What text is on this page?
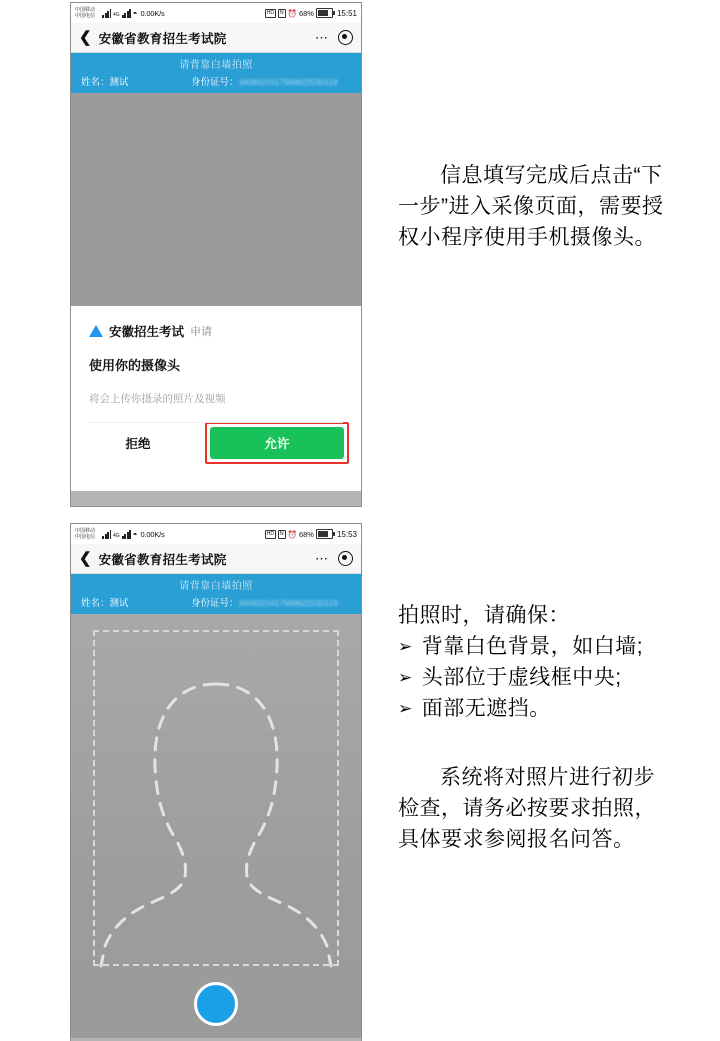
中国移动
中国电信	4G ◓ 0.00K/s	HD	N ⏰ 68%	15:51
❮ 安徽省教育招生考试院	⋯
请背靠白墙拍照
姓名：测试	身份证号：3406021617968622030119
安徽招生考试 申请
使用你的摄像头
将会上传你摄录的照片及视频
拒绝	允许
中国移动
中国电信	4G ◓ 0.00K/s	HD	N ⏰ 68%	15:53
❮ 安徽省教育招生考试院	⋯
请背靠白墙拍照
姓名：测试	身份证号：3406021617968622030119
信息填写完成后点击“下一步”进入采像页面，需要授权小程序使用手机摄像头。
拍照时，请确保：
➢ 背靠白色背景，如白墙;
➢ 头部位于虚线框中央;
➢ 面部无遮挡。
系统将对照片进行初步检查，请务必按要求拍照，具体要求参阅报名问答。
